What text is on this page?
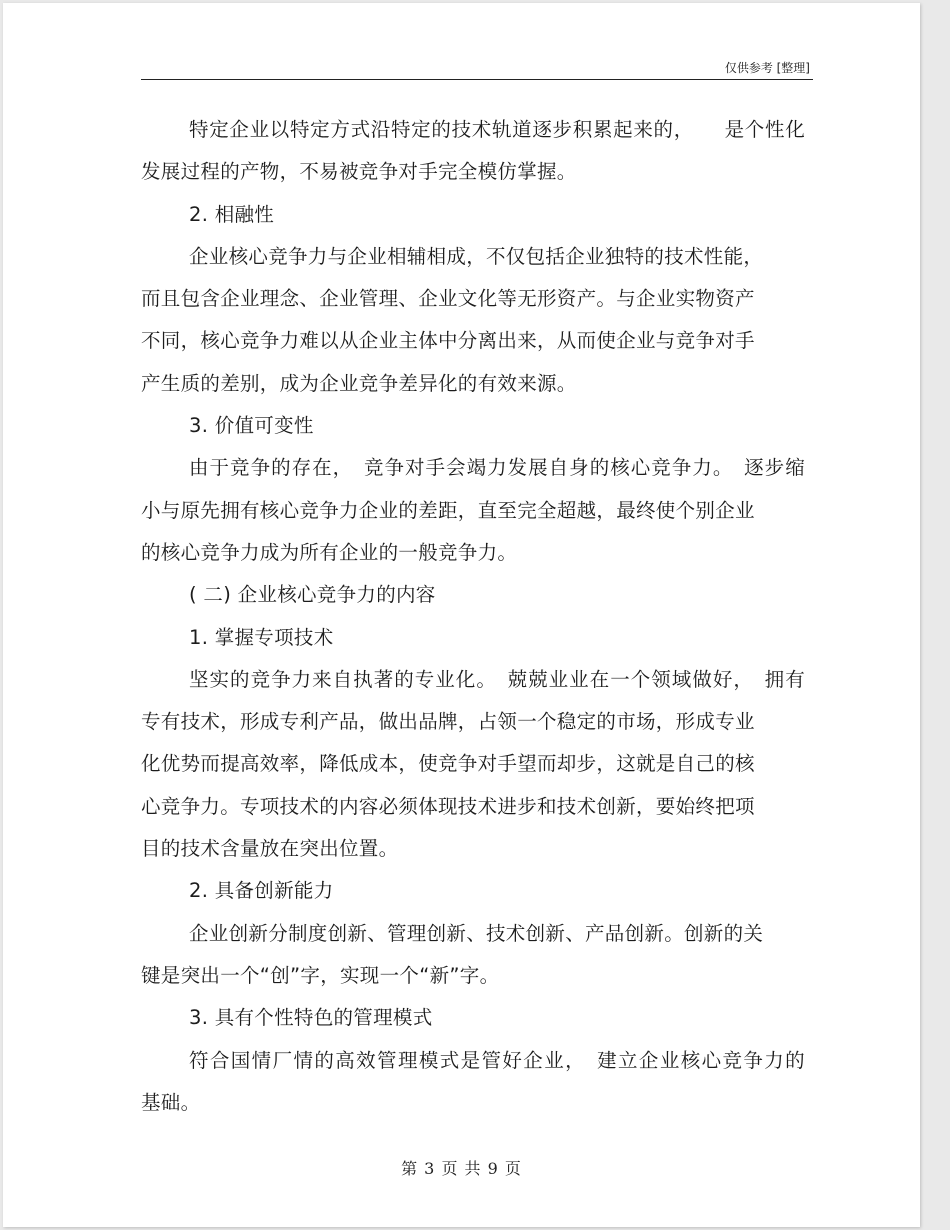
仅供参考 [整理]
特定企业以特定方式沿特定的技术轨道逐步积累起来的，　　是个性化
发展过程的产物，不易被竞争对手完全模仿掌握。
2. 相融性
企业核心竞争力与企业相辅相成，不仅包括企业独特的技术性能，
而且包含企业理念、企业管理、企业文化等无形资产。与企业实物资产
不同，核心竞争力难以从企业主体中分离出来，从而使企业与竞争对手
产生质的差别，成为企业竞争差异化的有效来源。
3. 价值可变性
由于竞争的存在，　竞争对手会竭力发展自身的核心竞争力。　逐步缩
小与原先拥有核心竞争力企业的差距，直至完全超越，最终使个别企业
的核心竞争力成为所有企业的一般竞争力。
( 二) 企业核心竞争力的内容
1. 掌握专项技术
坚实的竞争力来自执著的专业化。　兢兢业业在一个领域做好，　拥有
专有技术，形成专利产品，做出品牌，占领一个稳定的市场，形成专业
化优势而提高效率，降低成本，使竞争对手望而却步，这就是自己的核
心竞争力。专项技术的内容必须体现技术进步和技术创新，要始终把项
目的技术含量放在突出位置。
2. 具备创新能力
企业创新分制度创新、管理创新、技术创新、产品创新。创新的关
键是突出一个“创”字，实现一个“新”字。
3. 具有个性特色的管理模式
符合国情厂情的高效管理模式是管好企业，　建立企业核心竞争力的
基础。
第 3 页 共 9 页
